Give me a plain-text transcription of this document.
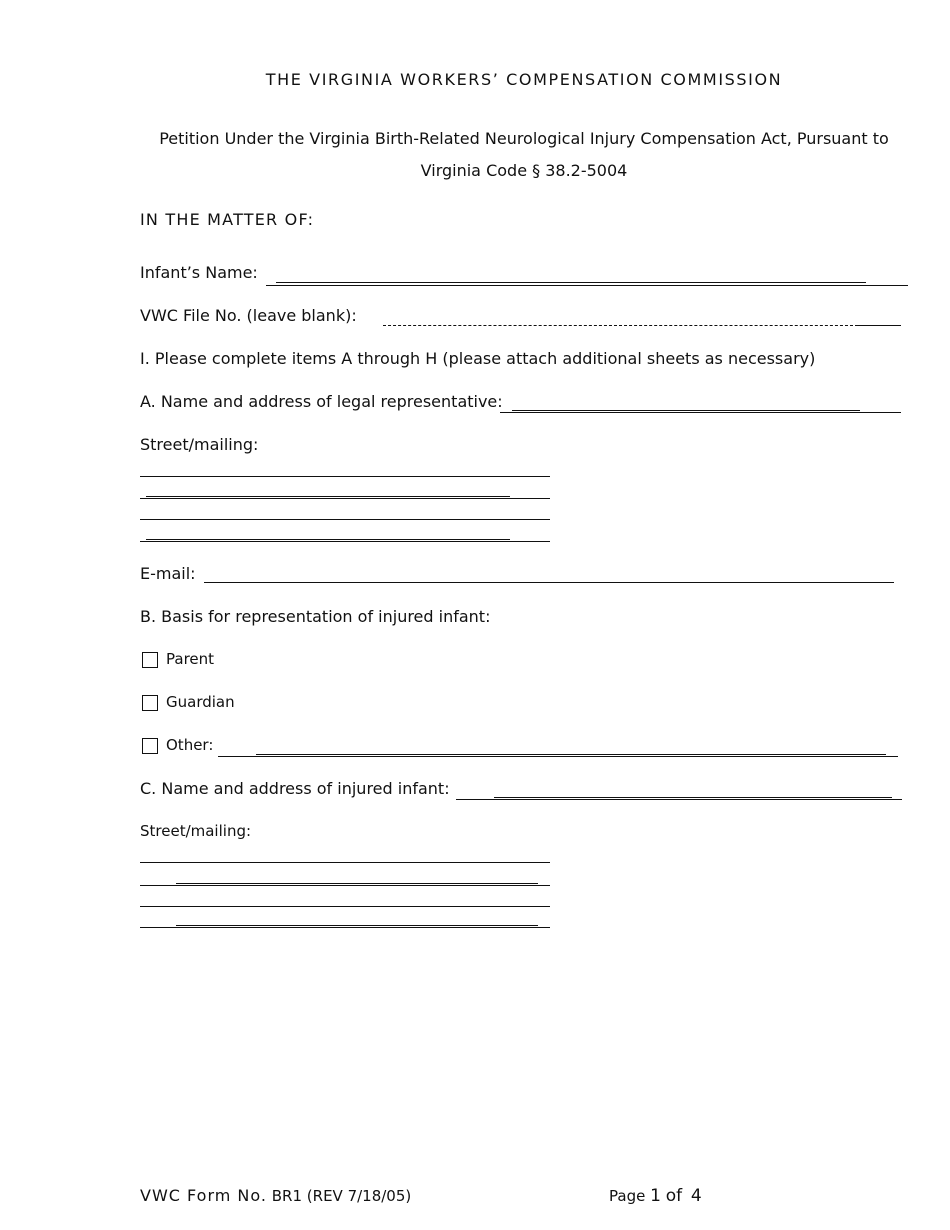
THE VIRGINIA WORKERS’ COMPENSATION COMMISSION
Petition Under the Virginia Birth-Related Neurological Injury Compensation Act, Pursuant to
Virginia Code § 38.2-5004
IN THE MATTER OF:
Infant’s Name:
VWC File No. (leave blank):
I. Please complete items A through H (please attach additional sheets as necessary)
A. Name and address of legal representative:
Street/mailing:
E-mail:
B. Basis for representation of injured infant:
Parent
Guardian
Other:
C. Name and address of injured infant:
Street/mailing:
VWC Form No. BR1 (REV 7/18/05)	Page 1 of 4
